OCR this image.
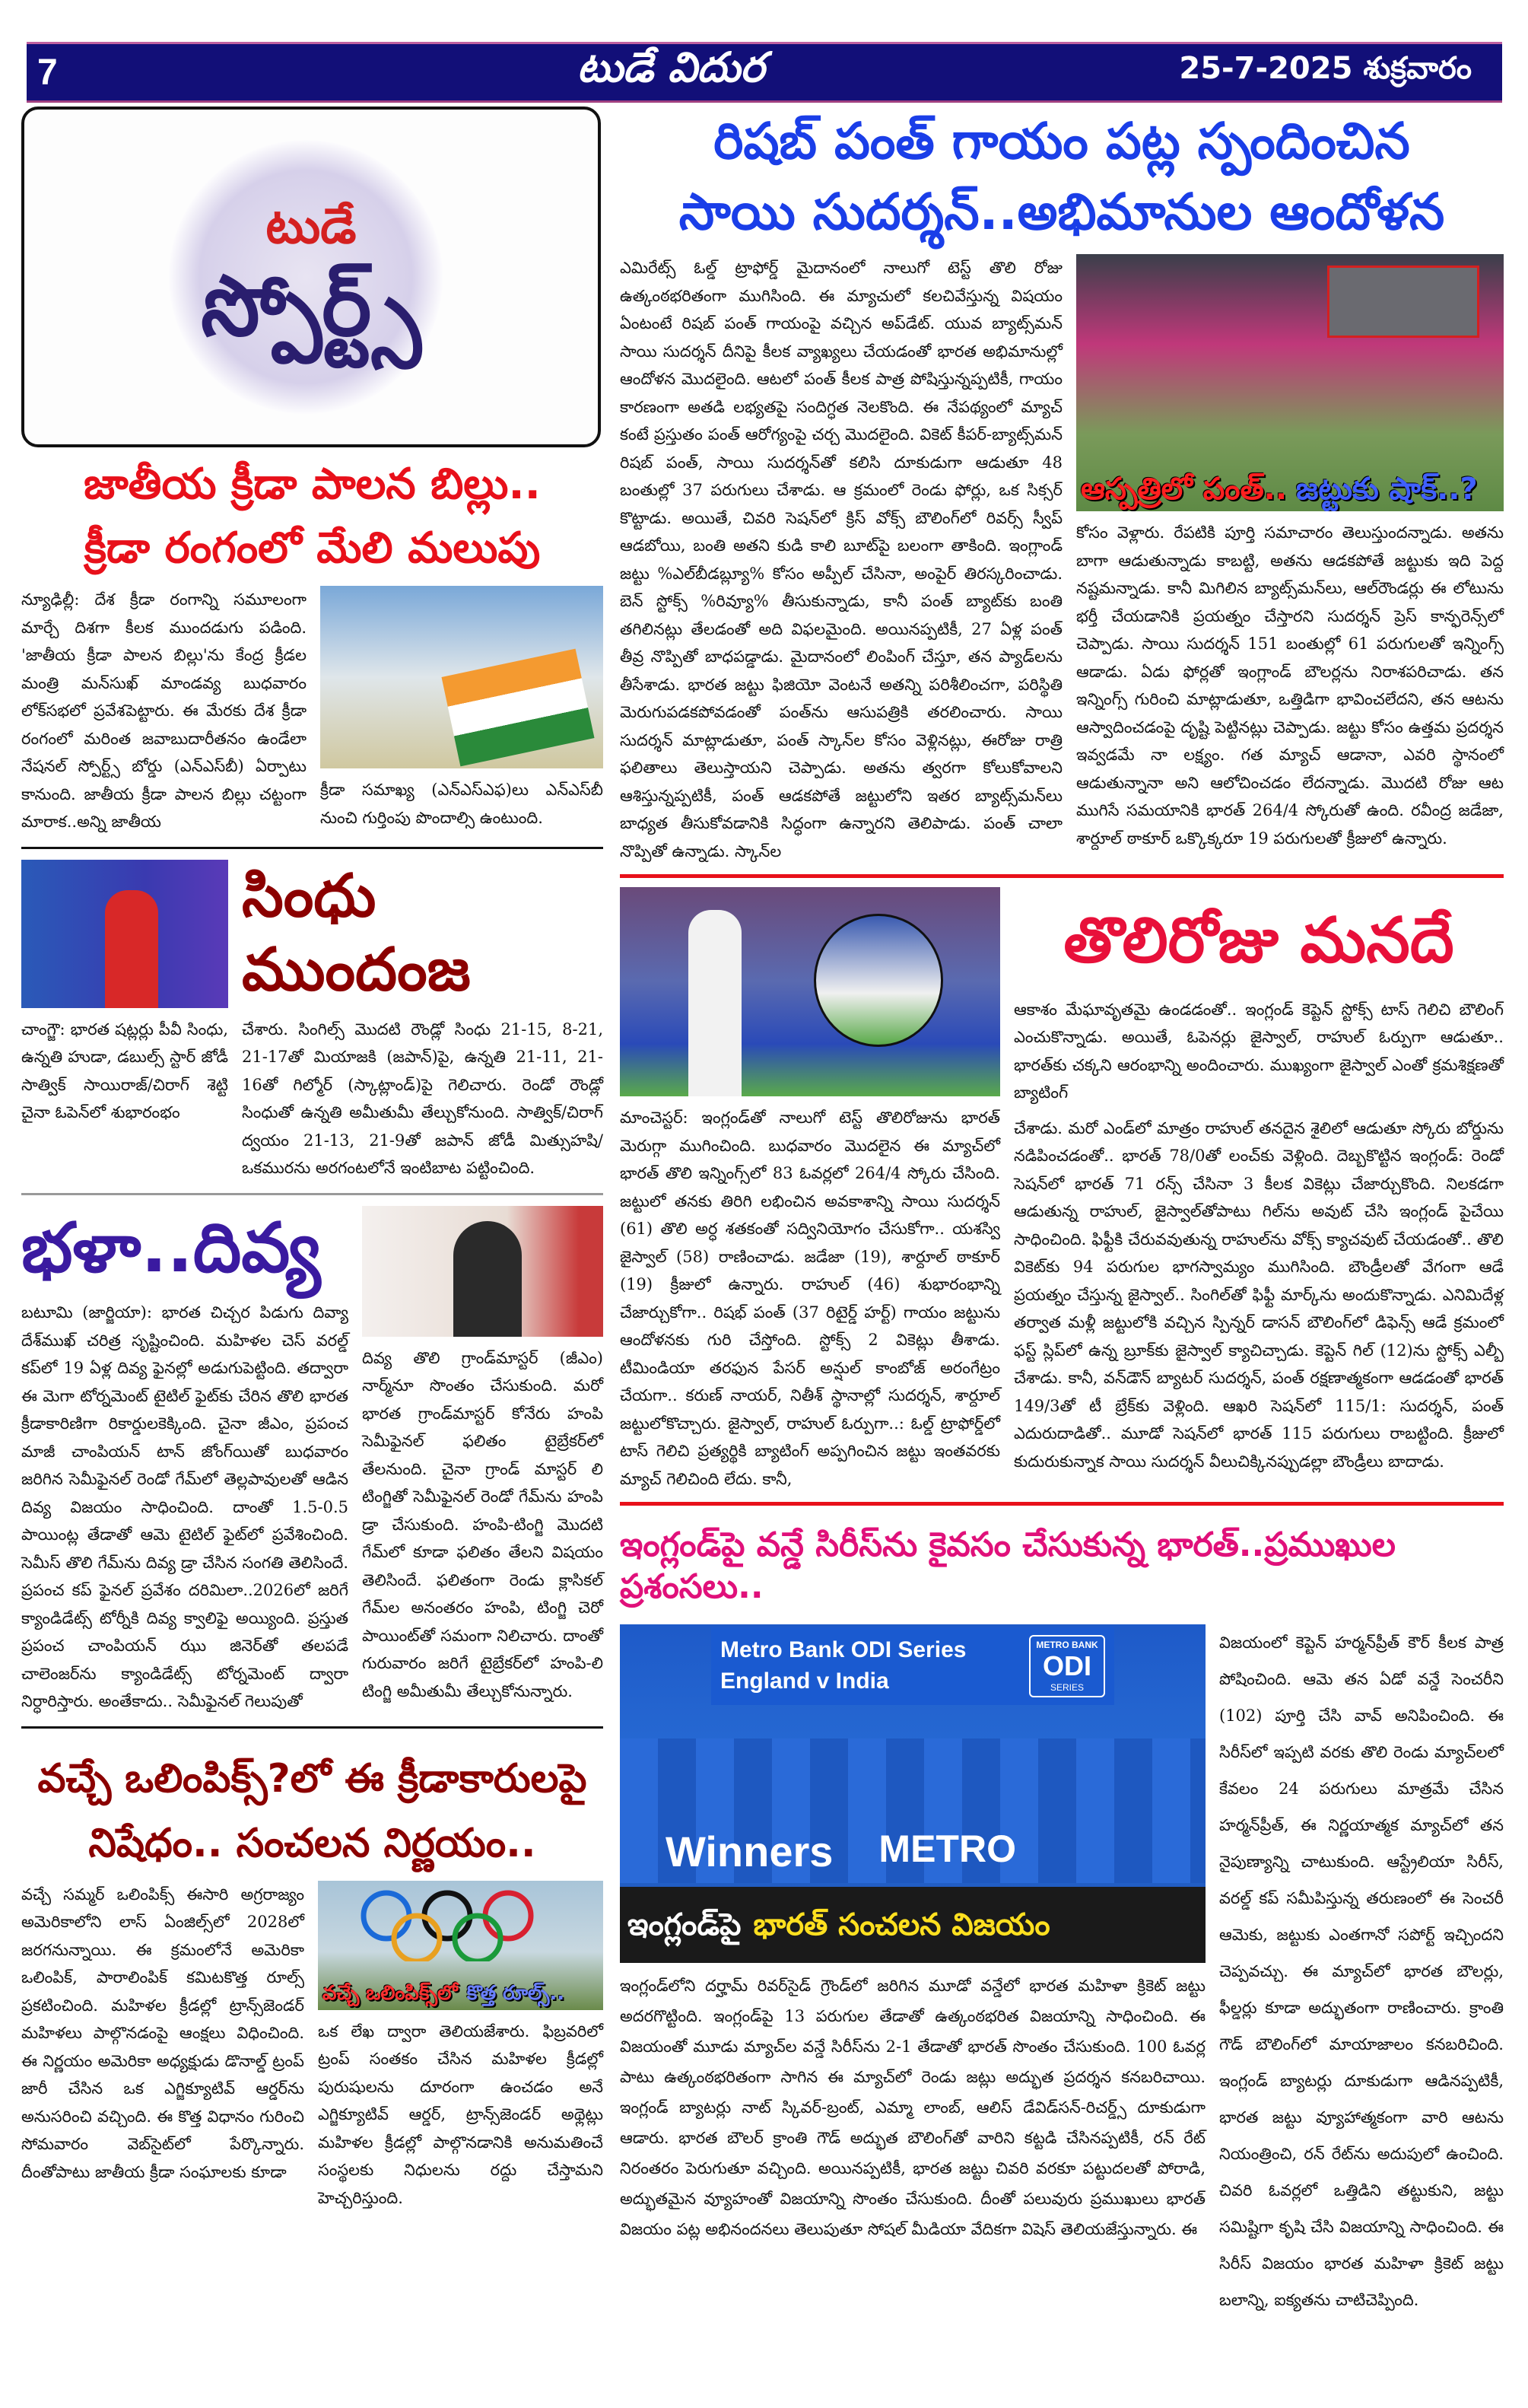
7	టుడే విదుర	25-7-2025 శుక్రవారం
టుడే
స్పోర్ట్స్
జాతీయ క్రీడా పాలన బిల్లు..
క్రీడా రంగంలో మేలి మలుపు
న్యూఢిల్లీ: దేశ క్రీడా రంగాన్ని సమూలంగా మార్చే దిశగా కీలక ముందడుగు పడింది. 'జాతీయ క్రీడా పాలన బిల్లు'ను కేంద్ర క్రీడల మంత్రి మన్‌సుఖ్ మాండవ్య బుధవారం లోక్‌సభలో ప్రవేశపెట్టారు. ఈ మేరకు దేశ క్రీడా రంగంలో మరింత జవాబుదారీతనం ఉండేలా నేషనల్ స్పోర్ట్స్ బోర్డు (ఎన్ఎస్‌బీ) ఏర్పాటు కానుంది. జాతీయ క్రీడా పాలన బిల్లు చట్టంగా మారాక..అన్ని జాతీయ
క్రీడా సమాఖ్య (ఎన్ఎస్ఎఫ)లు ఎన్ఎస్‌బీ నుంచి గుర్తింపు పొందాల్సి ఉంటుంది.
చాంగ్జౌ: భారత షట్లర్లు పీవీ సింధు, ఉన్నతి హుడా, డబుల్స్ స్టార్ జోడీ సాత్విక్ సాయిరాజ్/చిరాగ్ శెట్టి చైనా ఓపెన్‌లో శుభారంభం
సింధు ముందంజ
చేశారు. సింగిల్స్ మొదటి రౌండ్లో సింధు 21-15, 8-21, 21-17తో మియాజకి (జపాన్)పై, ఉన్నతి 21-11, 21-16తో గిల్మోర్ (స్కాట్లాండ్)పై గెలిచారు. రెండో రౌండ్లో సింధుతో ఉన్నతి అమీతుమీ తేల్చుకోనుంది. సాత్విక్/చిరాగ్ ద్వయం 21-13, 21-9తో జపాన్ జోడీ మిత్సుహషి/ఒకమురను అరగంటలోనే ఇంటిబాట పట్టించింది.
భళా..దివ్య
బటూమి (జార్జియా): భారత చిచ్చర పిడుగు దివ్యా దేశ్‌ముఖ్ చరిత్ర సృష్టించింది. మహిళల చెస్ వరల్డ్ కప్‌లో 19 ఏళ్ల దివ్య ఫైనల్లో అడుగుపెట్టింది. తద్వారా ఈ మెగా టోర్నమెంట్ టైటిల్ ఫైట్‌కు చేరిన తొలి భారత క్రీడాకారిణిగా రికార్డులకెక్కింది. చైనా జీఎం, ప్రపంచ మాజీ చాంపియన్ టాన్ జోంగ్‌యితో బుధవారం జరిగిన సెమీఫైనల్ రెండో గేమ్‌లో తెల్లపావులతో ఆడిన దివ్య విజయం సాధించింది. దాంతో 1.5-0.5 పాయింట్ల తేడాతో ఆమె టైటిల్ ఫైట్‌లో ప్రవేశించింది. సెమీస్ తొలి గేమ్‌ను దివ్య డ్రా చేసిన సంగతి తెలిసిందే. ప్రపంచ కప్ ఫైనల్ ప్రవేశం దరిమిలా..2026లో జరిగే క్యాండిడేట్స్ టోర్నీకి దివ్య క్వాలిఫై అయ్యింది. ప్రస్తుత ప్రపంచ చాంపియన్ ఝు జినెర్‌తో తలపడే చాలెంజర్‌ను క్యాండిడేట్స్ టోర్నమెంట్ ద్వారా నిర్ధారిస్తారు. అంతేకాదు.. సెమీఫైనల్ గెలుపుతో
దివ్య తొలి గ్రాండ్‌మాస్టర్ (జీఎం) నార్మ్‌నూ సొంతం చేసుకుంది. మరో భారత గ్రాండ్‌మాస్టర్ కోనేరు హంపి సెమీఫైనల్ ఫలితం టైబ్రేకర్‌లో తేలనుంది. చైనా గ్రాండ్ మాస్టర్ లి టింగ్జితో సెమీఫైనల్ రెండో గేమ్‌ను హంపి డ్రా చేసుకుంది. హంపి-టింగ్జి మొదటి గేమ్‌లో కూడా ఫలితం తేలని విషయం తెలిసిందే. ఫలితంగా రెండు క్లాసికల్ గేమ్‌ల అనంతరం హంపి, టింగ్జి చెరో పాయింట్‌తో సమంగా నిలిచారు. దాంతో గురువారం జరిగే టైబ్రేకర్‌లో హంపి-లి టింగ్జి అమీతుమీ తేల్చుకోనున్నారు.
వచ్చే ఒలింపిక్స్?లో ఈ క్రీడాకారులపై
నిషేధం.. సంచలన నిర్ణయం..
వచ్చే సమ్మర్ ఒలింపిక్స్ ఈసారి అగ్రరాజ్యం అమెరికాలోని లాస్ ఏంజిల్స్‌లో 2028లో జరగనున్నాయి. ఈ క్రమంలోనే అమెరికా ఒలింపిక్, పారాలింపిక్ కమిటకొత్త రూల్స్ ప్రకటించింది. మహిళల క్రీడల్లో ట్రాన్స్‌జెండర్ మహిళలు పాల్గొనడంపై ఆంక్షలు విధించింది. ఈ నిర్ణయం అమెరికా అధ్యక్షుడు డొనాల్డ్ ట్రంప్ జారీ చేసిన ఒక ఎగ్జిక్యూటివ్ ఆర్డర్‌ను అనుసరించి వచ్చింది. ఈ కొత్త విధానం గురించి సోమవారం వెబ్‌సైట్‌లో పేర్కొన్నారు. దీంతోపాటు జాతీయ క్రీడా సంఘాలకు కూడా
వచ్చే ఒలింపిక్స్‌లో కొత్త రూల్స్..
ఒక లేఖ ద్వారా తెలియజేశారు. ఫిబ్రవరిలో ట్రంప్ సంతకం చేసిన మహిళల క్రీడల్లో పురుషులను దూరంగా ఉంచడం అనే ఎగ్జిక్యూటివ్ ఆర్డర్, ట్రాన్స్‌జెండర్ అథ్లెట్లు మహిళల క్రీడల్లో పాల్గొనడానికి అనుమతించే సంస్థలకు నిధులను రద్దు చేస్తామని హెచ్చరిస్తుంది.
రిషబ్ పంత్ గాయం పట్ల స్పందించిన
సాయి సుదర్శన్..అభిమానుల ఆందోళన
ఎమిరేట్స్ ఓల్డ్ ట్రాఫోర్డ్ మైదానంలో నాలుగో టెస్ట్ తొలి రోజు ఉత్కంఠభరితంగా ముగిసింది. ఈ మ్యాచులో కలచివేస్తున్న విషయం ఏంటంటే రిషబ్ పంత్ గాయంపై వచ్చిన అప్‌డేట్. యువ బ్యాట్స్‌మన్ సాయి సుదర్శన్ దీనిపై కీలక వ్యాఖ్యలు చేయడంతో భారత అభిమానుల్లో ఆందోళన మొదలైంది. ఆటలో పంత్ కీలక పాత్ర పోషిస్తున్నప్పటికీ, గాయం కారణంగా అతడి లభ్యతపై సందిగ్ధత నెలకొంది. ఈ నేపథ్యంలో మ్యాచ్ కంటే ప్రస్తుతం పంత్ ఆరోగ్యంపై చర్చ మొదలైంది. వికెట్ కీపర్-బ్యాట్స్‌మన్ రిషబ్ పంత్, సాయి సుదర్శన్‌తో కలిసి దూకుడుగా ఆడుతూ 48 బంతుల్లో 37 పరుగులు చేశాడు. ఆ క్రమంలో రెండు ఫోర్లు, ఒక సిక్సర్ కొట్టాడు. అయితే, చివరి సెషన్‌లో క్రిస్ వోక్స్ బౌలింగ్‌లో రివర్స్ స్వీప్ ఆడబోయి, బంతి అతని కుడి కాలి బూట్‌పై బలంగా తాకింది. ఇంగ్లాండ్ జట్టు %ఎల్‌బీడబ్ల్యూ% కోసం అప్పీల్ చేసినా, అంపైర్ తిరస్కరించాడు. బెన్ స్టోక్స్ %రివ్యూ% తీసుకున్నాడు, కానీ పంత్ బ్యాట్‌కు బంతి తగిలినట్లు తేలడంతో అది విఫలమైంది. అయినప్పటికీ, 27 ఏళ్ల పంత్ తీవ్ర నొప్పితో బాధపడ్డాడు. మైదానంలో లింపింగ్ చేస్తూ, తన ప్యాడ్‌లను తీసేశాడు. భారత జట్టు ఫిజియో వెంటనే అతన్ని పరిశీలించగా, పరిస్థితి మెరుగుపడకపోవడంతో పంత్‌ను ఆసుపత్రికి తరలించారు. సాయి సుదర్శన్ మాట్లాడుతూ, పంత్ స్కాన్‌ల కోసం వెళ్లినట్లు, ఈరోజు రాత్రి ఫలితాలు తెలుస్తాయని చెప్పాడు. అతను త్వరగా కోలుకోవాలని ఆశిస్తున్నప్పటికీ, పంత్ ఆడకపోతే జట్టులోని ఇతర బ్యాట్స్‌మన్‌లు బాధ్యత తీసుకోవడానికి సిద్ధంగా ఉన్నారని తెలిపాడు. పంత్ చాలా నొప్పితో ఉన్నాడు. స్కాన్‌ల
ఆస్పత్రిలో పంత్.. జట్టుకు షాక్..?
కోసం వెళ్లారు. రేపటికి పూర్తి సమాచారం తెలుస్తుందన్నాడు. అతను బాగా ఆడుతున్నాడు కాబట్టి, అతను ఆడకపోతే జట్టుకు ఇది పెద్ద నష్టమన్నాడు. కానీ మిగిలిన బ్యాట్స్‌మన్‌లు, ఆల్‌రౌండర్లు ఈ లోటును భర్తీ చేయడానికి ప్రయత్నం చేస్తారని సుదర్శన్ ప్రెస్ కాన్ఫరెన్స్‌లో చెప్పాడు. సాయి సుదర్శన్ 151 బంతుల్లో 61 పరుగులతో ఇన్నింగ్స్ ఆడాడు. ఏడు ఫోర్లతో ఇంగ్లాండ్ బౌలర్లను నిరాశపరిచాడు. తన ఇన్నింగ్స్ గురించి మాట్లాడుతూ, ఒత్తిడిగా భావించలేదని, తన ఆటను ఆస్వాదించడంపై దృష్టి పెట్టినట్లు చెప్పాడు. జట్టు కోసం ఉత్తమ ప్రదర్శన ఇవ్వడమే నా లక్ష్యం. గత మ్యాచ్ ఆడానా, ఎవరి స్థానంలో ఆడుతున్నానా అని ఆలోచించడం లేదన్నాడు. మొదటి రోజు ఆట ముగిసే సమయానికి భారత్ 264/4 స్కోరుతో ఉంది. రవీంద్ర జడేజా, శార్దూల్ ఠాకూర్ ఒక్కొక్కరూ 19 పరుగులతో క్రీజులో ఉన్నారు.
మాంచెస్టర్: ఇంగ్లండ్‌తో నాలుగో టెస్ట్ తొలిరోజును భారత్ మెరుగ్గా ముగించింది. బుధవారం మొదలైన ఈ మ్యాచ్‌లో భారత్ తొలి ఇన్నింగ్స్‌లో 83 ఓవర్లలో 264/4 స్కోరు చేసింది. జట్టులో తనకు తిరిగి లభించిన అవకాశాన్ని సాయి సుదర్శన్ (61) తొలి అర్ధ శతకంతో సద్వినియోగం చేసుకోగా.. యశస్వి జైస్వాల్ (58) రాణించాడు. జడేజా (19), శార్దూల్ ఠాకూర్ (19) క్రీజులో ఉన్నారు. రాహుల్ (46) శుభారంభాన్ని చేజార్చుకోగా.. రిషభ్ పంత్ (37 రిటైర్డ్ హర్ట్) గాయం జట్టును ఆందోళనకు గురి చేస్తోంది. స్టోక్స్ 2 వికెట్లు తీశాడు. టీమిండియా తరఫున పేసర్ అన్షుల్ కాంబోజ్ అరంగేట్రం చేయగా.. కరుణ్ నాయర్, నితీశ్ స్థానాల్లో సుదర్శన్, శార్దూల్ జట్టులోకొచ్చారు. జైస్వాల్, రాహుల్ ఓర్పుగా..: ఓల్డ్ ట్రాఫోర్డ్‌లో టాస్ గెలిచి ప్రత్యర్థికి బ్యాటింగ్ అప్పగించిన జట్టు ఇంతవరకు మ్యాచ్ గెలిచింది లేదు. కానీ,
తొలిరోజు మనదే
ఆకాశం మేఘావృతమై ఉండడంతో.. ఇంగ్లండ్ కెప్టెన్ స్టోక్స్ టాస్ గెలిచి బౌలింగ్ ఎంచుకొన్నాడు. అయితే, ఓపెనర్లు జైస్వాల్, రాహుల్ ఓర్పుగా ఆడుతూ.. భారత్‌కు చక్కని ఆరంభాన్ని అందించారు. ముఖ్యంగా జైస్వాల్ ఎంతో క్రమశిక్షణతో బ్యాటింగ్
చేశాడు. మరో ఎండ్‌లో మాత్రం రాహుల్ తనదైన శైలిలో ఆడుతూ స్కోరు బోర్డును నడిపించడంతో.. భారత్ 78/0తో లంచ్‌కు వెళ్లింది. దెబ్బకొట్టిన ఇంగ్లండ్: రెండో సెషన్‌లో భారత్ 71 రన్స్ చేసినా 3 కీలక వికెట్లు చేజార్చుకొంది. నిలకడగా ఆడుతున్న రాహుల్, జైస్వాల్‌తోపాటు గిల్‌ను అవుట్ చేసి ఇంగ్లండ్ పైచేయి సాధించింది. ఫిఫ్టీకి చేరువవుతున్న రాహుల్‌ను వోక్స్ క్యాచవుట్ చేయడంతో.. తొలి వికెట్‌కు 94 పరుగుల భాగస్వామ్యం ముగిసింది. బౌండ్రీలతో వేగంగా ఆడే ప్రయత్నం చేస్తున్న జైస్వాల్.. సింగిల్‌తో ఫిఫ్టీ మార్క్‌ను అందుకొన్నాడు. ఎనిమిదేళ్ల తర్వాత మళ్లీ జట్టులోకి వచ్చిన స్పిన్నర్ డాసన్ బౌలింగ్‌లో డిఫెన్స్ ఆడే క్రమంలో ఫస్ట్ స్లిప్‌లో ఉన్న బ్రూక్‌కు జైస్వాల్ క్యాచిచ్చాడు. కెప్టెన్ గిల్ (12)ను స్టోక్స్ ఎల్బీ చేశాడు. కానీ, వన్‌డౌన్ బ్యాటర్ సుదర్శన్, పంత్ రక్షణాత్మకంగా ఆడడంతో భారత్ 149/3తో టీ బ్రేక్‌కు వెళ్లింది. ఆఖరి సెషన్‌లో 115/1: సుదర్శన్, పంత్ ఎదురుదాడితో.. మూడో సెషన్‌లో భారత్ 115 పరుగులు రాబట్టింది. క్రీజులో కుదురుకున్నాక సాయి సుదర్శన్ వీలుచిక్కినప్పుడల్లా బౌండ్రీలు బాదాడు.
ఇంగ్లండ్‌పై వన్డే సిరీస్‌ను కైవసం చేసుకున్న భారత్..ప్రముఖుల ప్రశంసలు..
Metro Bank ODI Series
England v India
METRO BANK
ODI
SERIES
Winners METRO
ఇంగ్లండ్‌పై భారత్ సంచలన విజయం
ఇంగ్లండ్‌లోని దర్హామ్ రివర్‌సైడ్ గ్రౌండ్‌లో జరిగిన మూడో వన్డేలో భారత మహిళా క్రికెట్ జట్టు అదరగొట్టింది. ఇంగ్లండ్‌పై 13 పరుగుల తేడాతో ఉత్కంఠభరిత విజయాన్ని సాధించింది. ఈ విజయంతో మూడు మ్యాచ్‌ల వన్డే సిరీస్‌ను 2-1 తేడాతో భారత్ సొంతం చేసుకుంది. 100 ఓవర్ల పాటు ఉత్కంఠభరితంగా సాగిన ఈ మ్యాచ్‌లో రెండు జట్లు అద్భుత ప్రదర్శన కనబరిచాయి. ఇంగ్లండ్ బ్యాటర్లు నాట్ స్కివర్-బ్రంట్, ఎమ్మా లాంబ్, ఆలిస్ డేవిడ్‌సన్-రిచర్డ్స్ దూకుడుగా ఆడారు. భారత బౌలర్ క్రాంతి గౌడ్ అద్భుత బౌలింగ్‌తో వారిని కట్టడి చేసినప్పటికీ, రన్ రేట్ నిరంతరం పెరుగుతూ వచ్చింది. అయినప్పటికీ, భారత జట్టు చివరి వరకూ పట్టుదలతో పోరాడి, అద్భుతమైన వ్యూహంతో విజయాన్ని సొంతం చేసుకుంది. దీంతో పలువురు ప్రముఖులు భారత్ విజయం పట్ల అభినందనలు తెలుపుతూ సోషల్ మీడియా వేదికగా విషెస్ తెలియజేస్తున్నారు. ఈ
విజయంలో కెప్టెన్ హర్మన్‌ప్రీత్ కౌర్ కీలక పాత్ర పోషించింది. ఆమె తన ఏడో వన్డే సెంచరీని (102) పూర్తి చేసి వావ్ అనిపించింది. ఈ సిరీస్‌లో ఇప్పటి వరకు తొలి రెండు మ్యాచ్‌లలో కేవలం 24 పరుగులు మాత్రమే చేసిన హర్మన్‌ప్రీత్, ఈ నిర్ణయాత్మక మ్యాచ్‌లో తన నైపుణ్యాన్ని చాటుకుంది. ఆస్ట్రేలియా సిరీస్, వరల్డ్ కప్ సమీపిస్తున్న తరుణంలో ఈ సెంచరీ ఆమెకు, జట్టుకు ఎంతగానో సపోర్ట్ ఇచ్చిందని చెప్పవచ్చు. ఈ మ్యాచ్‌లో భారత బౌలర్లు, ఫీల్డర్లు కూడా అద్భుతంగా రాణించారు. క్రాంతి గౌడ్ బౌలింగ్‌లో మాయాజాలం కనబరిచింది. ఇంగ్లండ్ బ్యాటర్లు దూకుడుగా ఆడినప్పటికీ, భారత జట్టు వ్యూహాత్మకంగా వారి ఆటను నియంత్రించి, రన్ రేట్‌ను అదుపులో ఉంచింది. చివరి ఓవర్లలో ఒత్తిడిని తట్టుకుని, జట్టు సమిష్టిగా కృషి చేసి విజయాన్ని సాధించింది. ఈ సిరీస్ విజయం భారత మహిళా క్రికెట్ జట్టు బలాన్ని, ఐక్యతను చాటిచెప్పింది.
